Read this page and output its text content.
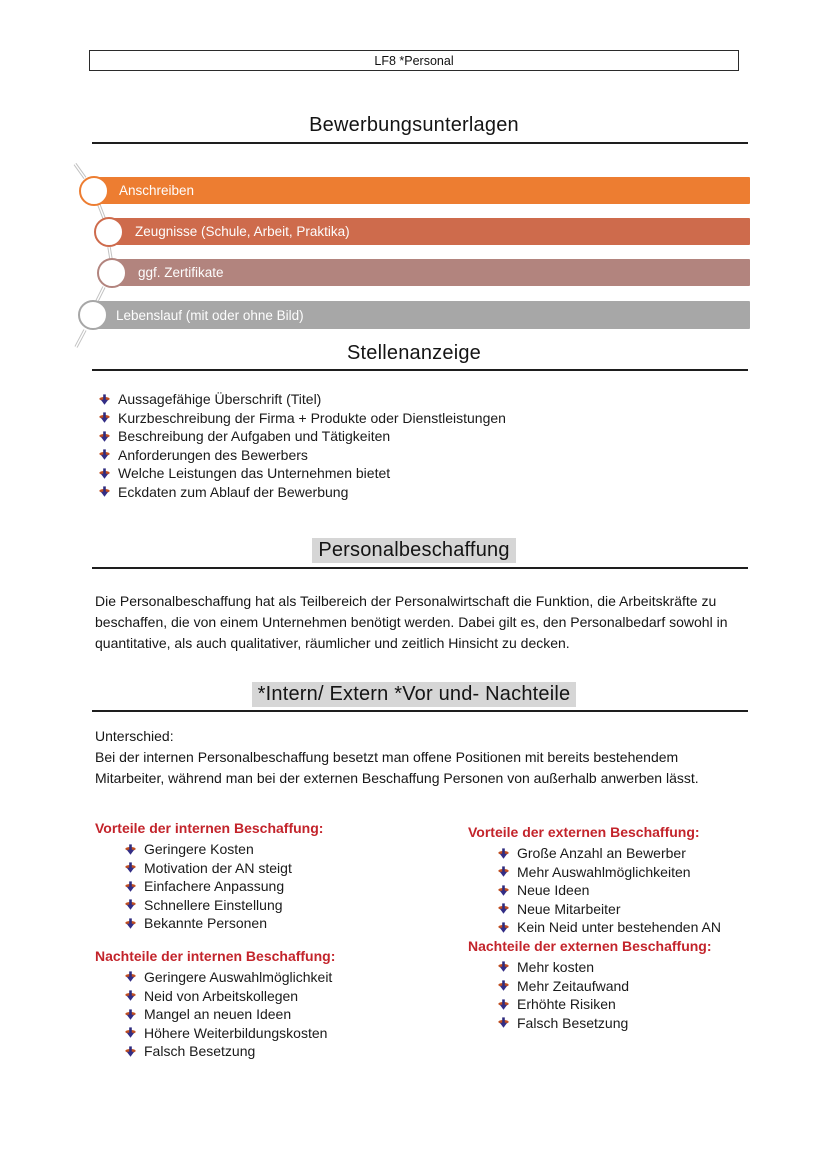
LF8 *Personal
Bewerbungsunterlagen
Anschreiben
Zeugnisse (Schule, Arbeit, Praktika)
ggf. Zertifikate
Lebenslauf (mit oder ohne Bild)
Stellenanzeige
Aussagefähige Überschrift (Titel)
Kurzbeschreibung der Firma + Produkte oder Dienstleistungen
Beschreibung der Aufgaben und Tätigkeiten
Anforderungen des Bewerbers
Welche Leistungen das Unternehmen bietet
Eckdaten zum Ablauf der Bewerbung
Personalbeschaffung
Die Personalbeschaffung hat als Teilbereich der Personalwirtschaft die Funktion, die Arbeitskräfte zu beschaffen, die von einem Unternehmen benötigt werden. Dabei gilt es, den Personalbedarf sowohl in quantitative, als auch qualitativer, räumlicher und zeitlich Hinsicht zu decken.
*Intern/ Extern *Vor und- Nachteile
Unterschied:
Bei der internen Personalbeschaffung besetzt man offene Positionen mit bereits bestehendem Mitarbeiter, während man bei der externen Beschaffung Personen von außerhalb anwerben lässt.
Vorteile der internen Beschaffung:
Geringere Kosten
Motivation der AN steigt
Einfachere Anpassung
Schnellere Einstellung
Bekannte Personen
Nachteile der internen Beschaffung:
Geringere Auswahlmöglichkeit
Neid von Arbeitskollegen
Mangel an neuen Ideen
Höhere Weiterbildungskosten
Falsch Besetzung
Vorteile der externen Beschaffung:
Große Anzahl an Bewerber
Mehr Auswahlmöglichkeiten
Neue Ideen
Neue Mitarbeiter
Kein Neid unter bestehenden AN
Nachteile der externen Beschaffung:
Mehr kosten
Mehr Zeitaufwand
Erhöhte Risiken
Falsch Besetzung
